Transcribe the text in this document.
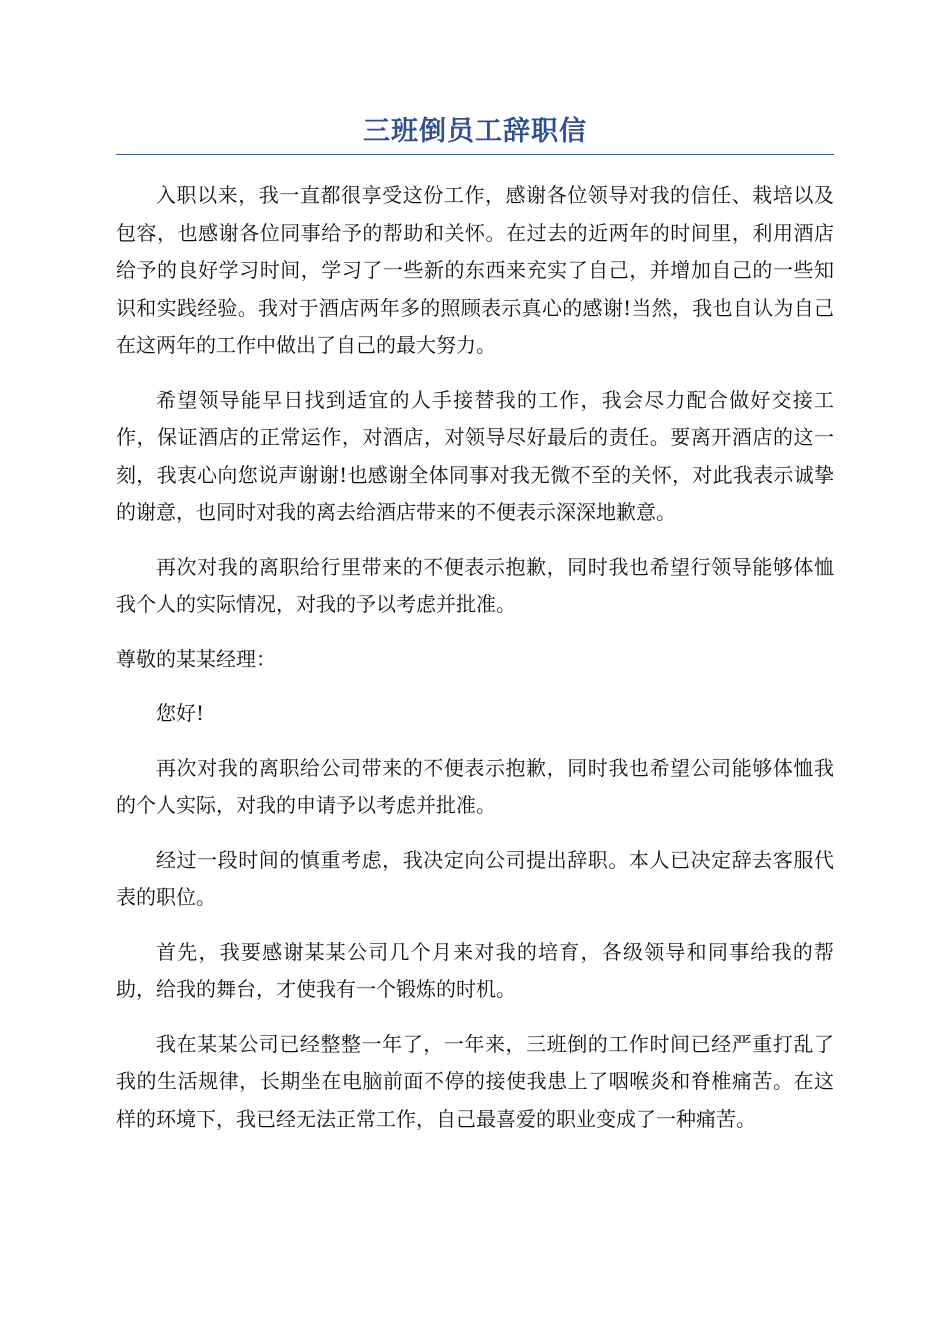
三班倒员工辞职信

入职以来，我一直都很享受这份工作，感谢各位领导对我的信任、栽培以及包容，也感谢各位同事给予的帮助和关怀。在过去的近两年的时间里，利用酒店给予的良好学习时间，学习了一些新的东西来充实了自己，并增加自己的一些知识和实践经验。我对于酒店两年多的照顾表示真心的感谢!当然，我也自认为自己在这两年的工作中做出了自己的最大努力。

希望领导能早日找到适宜的人手接替我的工作，我会尽力配合做好交接工作，保证酒店的正常运作，对酒店，对领导尽好最后的责任。要离开酒店的这一刻，我衷心向您说声谢谢!也感谢全体同事对我无微不至的关怀，对此我表示诚挚的谢意，也同时对我的离去给酒店带来的不便表示深深地歉意。

再次对我的离职给行里带来的不便表示抱歉，同时我也希望行领导能够体恤我个人的实际情况，对我的予以考虑并批准。

尊敬的某某经理：

您好!

再次对我的离职给公司带来的不便表示抱歉，同时我也希望公司能够体恤我的个人实际，对我的申请予以考虑并批准。

经过一段时间的慎重考虑，我决定向公司提出辞职。本人已决定辞去客服代表的职位。

首先，我要感谢某某公司几个月来对我的培育，各级领导和同事给我的帮助，给我的舞台，才使我有一个锻炼的时机。

我在某某公司已经整整一年了，一年来，三班倒的工作时间已经严重打乱了我的生活规律，长期坐在电脑前面不停的接使我患上了咽喉炎和脊椎痛苦。在这样的环境下，我已经无法正常工作，自己最喜爱的职业变成了一种痛苦。
